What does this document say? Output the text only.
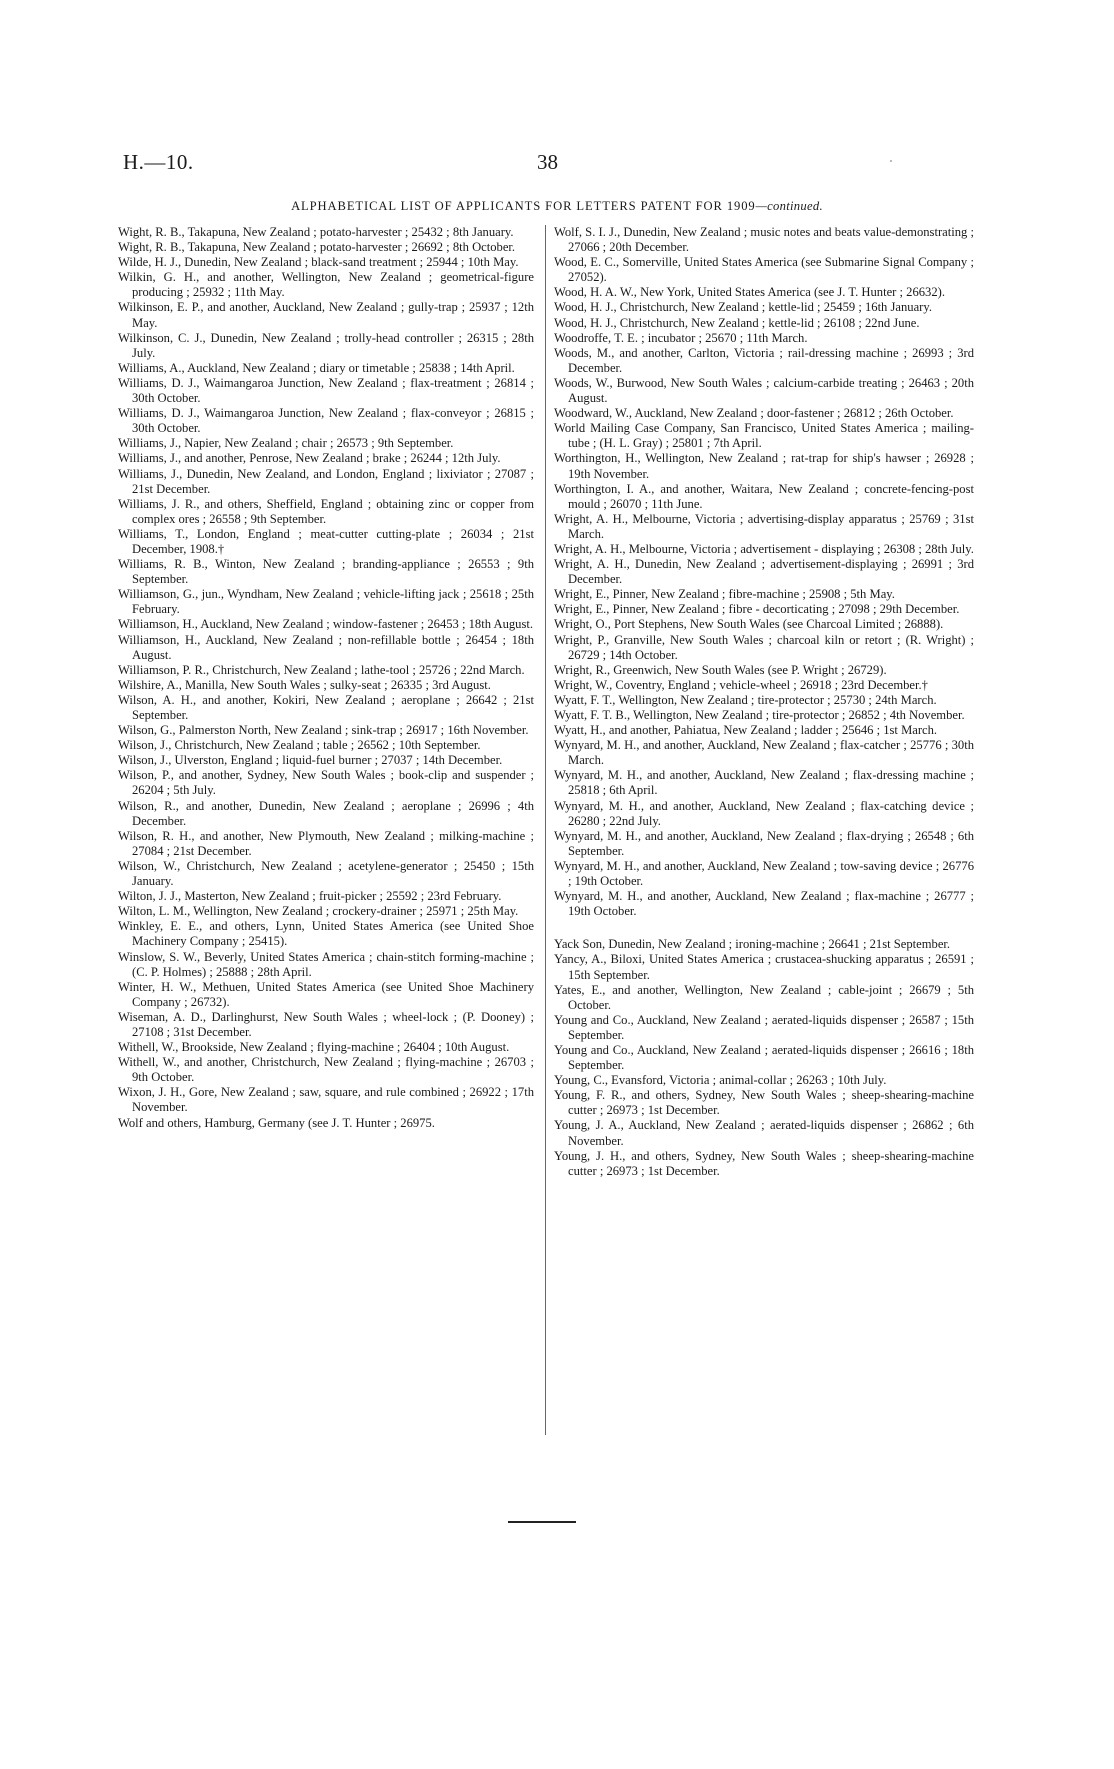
H.—10.	38
ALPHABETICAL LIST OF APPLICANTS FOR LETTERS PATENT FOR 1909—continued.

Wight, R. B., Takapuna, New Zealand ; potato-harvester ; 25432 ; 8th January.

Wight, R. B., Takapuna, New Zealand ; potato-harvester ; 26692 ; 8th October.

Wilde, H. J., Dunedin, New Zealand ; black-sand treatment ; 25944 ; 10th May.

Wilkin, G. H., and another, Wellington, New Zealand ; geometrical-figure producing ; 25932 ; 11th May.

Wilkinson, E. P., and another, Auckland, New Zealand ; gully-trap ; 25937 ; 12th May.

Wilkinson, C. J., Dunedin, New Zealand ; trolly-head controller ; 26315 ; 28th July.

Williams, A., Auckland, New Zealand ; diary or timetable ; 25838 ; 14th April.

Williams, D. J., Waimangaroa Junction, New Zealand ; flax-treatment ; 26814 ; 30th October.

Williams, D. J., Waimangaroa Junction, New Zealand ; flax-conveyor ; 26815 ; 30th October.

Williams, J., Napier, New Zealand ; chair ; 26573 ; 9th September.

Williams, J., and another, Penrose, New Zealand ; brake ; 26244 ; 12th July.

Williams, J., Dunedin, New Zealand, and London, England ; lixiviator ; 27087 ; 21st December.

Williams, J. R., and others, Sheffield, England ; obtaining zinc or copper from complex ores ; 26558 ; 9th September.

Williams, T., London, England ; meat-cutter cutting-plate ; 26034 ; 21st December, 1908.†

Williams, R. B., Winton, New Zealand ; branding-appliance ; 26553 ; 9th September.

Williamson, G., jun., Wyndham, New Zealand ; vehicle-lifting jack ; 25618 ; 25th February.

Williamson, H., Auckland, New Zealand ; window-fastener ; 26453 ; 18th August.

Williamson, H., Auckland, New Zealand ; non-refillable bottle ; 26454 ; 18th August.

Williamson, P. R., Christchurch, New Zealand ; lathe-tool ; 25726 ; 22nd March.

Wilshire, A., Manilla, New South Wales ; sulky-seat ; 26335 ; 3rd August.

Wilson, A. H., and another, Kokiri, New Zealand ; aeroplane ; 26642 ; 21st September.

Wilson, G., Palmerston North, New Zealand ; sink-trap ; 26917 ; 16th November.

Wilson, J., Christchurch, New Zealand ; table ; 26562 ; 10th September.

Wilson, J., Ulverston, England ; liquid-fuel burner ; 27037 ; 14th December.

Wilson, P., and another, Sydney, New South Wales ; book-clip and suspender ; 26204 ; 5th July.

Wilson, R., and another, Dunedin, New Zealand ; aeroplane ; 26996 ; 4th December.

Wilson, R. H., and another, New Plymouth, New Zealand ; milking-machine ; 27084 ; 21st December.

Wilson, W., Christchurch, New Zealand ; acetylene-generator ; 25450 ; 15th January.

Wilton, J. J., Masterton, New Zealand ; fruit-picker ; 25592 ; 23rd February.

Wilton, L. M., Wellington, New Zealand ; crockery-drainer ; 25971 ; 25th May.

Winkley, E. E., and others, Lynn, United States America (see United Shoe Machinery Company ; 25415).

Winslow, S. W., Beverly, United States America ; chain-stitch forming-machine ; (C. P. Holmes) ; 25888 ; 28th April.

Winter, H. W., Methuen, United States America (see United Shoe Machinery Company ; 26732).

Wiseman, A. D., Darlinghurst, New South Wales ; wheel-lock ; (P. Dooney) ; 27108 ; 31st December.

Withell, W., Brookside, New Zealand ; flying-machine ; 26404 ; 10th August.

Withell, W., and another, Christchurch, New Zealand ; flying-machine ; 26703 ; 9th October.

Wixon, J. H., Gore, New Zealand ; saw, square, and rule combined ; 26922 ; 17th November.

Wolf and others, Hamburg, Germany (see J. T. Hunter ; 26975.

Wolf, S. I. J., Dunedin, New Zealand ; music notes and beats value-demonstrating ; 27066 ; 20th December.

Wood, E. C., Somerville, United States America (see Submarine Signal Company ; 27052).

Wood, H. A. W., New York, United States America (see J. T. Hunter ; 26632).

Wood, H. J., Christchurch, New Zealand ; kettle-lid ; 25459 ; 16th January.

Wood, H. J., Christchurch, New Zealand ; kettle-lid ; 26108 ; 22nd June.

Woodroffe, T. E. ; incubator ; 25670 ; 11th March.

Woods, M., and another, Carlton, Victoria ; rail-dressing machine ; 26993 ; 3rd December.

Woods, W., Burwood, New South Wales ; calcium-carbide treating ; 26463 ; 20th August.

Woodward, W., Auckland, New Zealand ; door-fastener ; 26812 ; 26th October.

World Mailing Case Company, San Francisco, United States America ; mailing-tube ; (H. L. Gray) ; 25801 ; 7th April.

Worthington, H., Wellington, New Zealand ; rat-trap for ship's hawser ; 26928 ; 19th November.

Worthington, I. A., and another, Waitara, New Zealand ; concrete-fencing-post mould ; 26070 ; 11th June.

Wright, A. H., Melbourne, Victoria ; advertising-display apparatus ; 25769 ; 31st March.

Wright, A. H., Melbourne, Victoria ; advertisement - displaying ; 26308 ; 28th July.

Wright, A. H., Dunedin, New Zealand ; advertisement-displaying ; 26991 ; 3rd December.

Wright, E., Pinner, New Zealand ; fibre-machine ; 25908 ; 5th May.

Wright, E., Pinner, New Zealand ; fibre - decorticating ; 27098 ; 29th December.

Wright, O., Port Stephens, New South Wales (see Charcoal Limited ; 26888).

Wright, P., Granville, New South Wales ; charcoal kiln or retort ; (R. Wright) ; 26729 ; 14th October.

Wright, R., Greenwich, New South Wales (see P. Wright ; 26729).

Wright, W., Coventry, England ; vehicle-wheel ; 26918 ; 23rd December.†

Wyatt, F. T., Wellington, New Zealand ; tire-protector ; 25730 ; 24th March.

Wyatt, F. T. B., Wellington, New Zealand ; tire-protector ; 26852 ; 4th November.

Wyatt, H., and another, Pahiatua, New Zealand ; ladder ; 25646 ; 1st March.

Wynyard, M. H., and another, Auckland, New Zealand ; flax-catcher ; 25776 ; 30th March.

Wynyard, M. H., and another, Auckland, New Zealand ; flax-dressing machine ; 25818 ; 6th April.

Wynyard, M. H., and another, Auckland, New Zealand ; flax-catching device ; 26280 ; 22nd July.

Wynyard, M. H., and another, Auckland, New Zealand ; flax-drying ; 26548 ; 6th September.

Wynyard, M. H., and another, Auckland, New Zealand ; tow-saving device ; 26776 ; 19th October.

Wynyard, M. H., and another, Auckland, New Zealand ; flax-machine ; 26777 ; 19th October.

Yack Son, Dunedin, New Zealand ; ironing-machine ; 26641 ; 21st September.

Yancy, A., Biloxi, United States America ; crustacea-shucking apparatus ; 26591 ; 15th September.

Yates, E., and another, Wellington, New Zealand ; cable-joint ; 26679 ; 5th October.

Young and Co., Auckland, New Zealand ; aerated-liquids dispenser ; 26587 ; 15th September.

Young and Co., Auckland, New Zealand ; aerated-liquids dispenser ; 26616 ; 18th September.

Young, C., Evansford, Victoria ; animal-collar ; 26263 ; 10th July.

Young, F. R., and others, Sydney, New South Wales ; sheep-shearing-machine cutter ; 26973 ; 1st December.

Young, J. A., Auckland, New Zealand ; aerated-liquids dispenser ; 26862 ; 6th November.

Young, J. H., and others, Sydney, New South Wales ; sheep-shearing-machine cutter ; 26973 ; 1st December.
